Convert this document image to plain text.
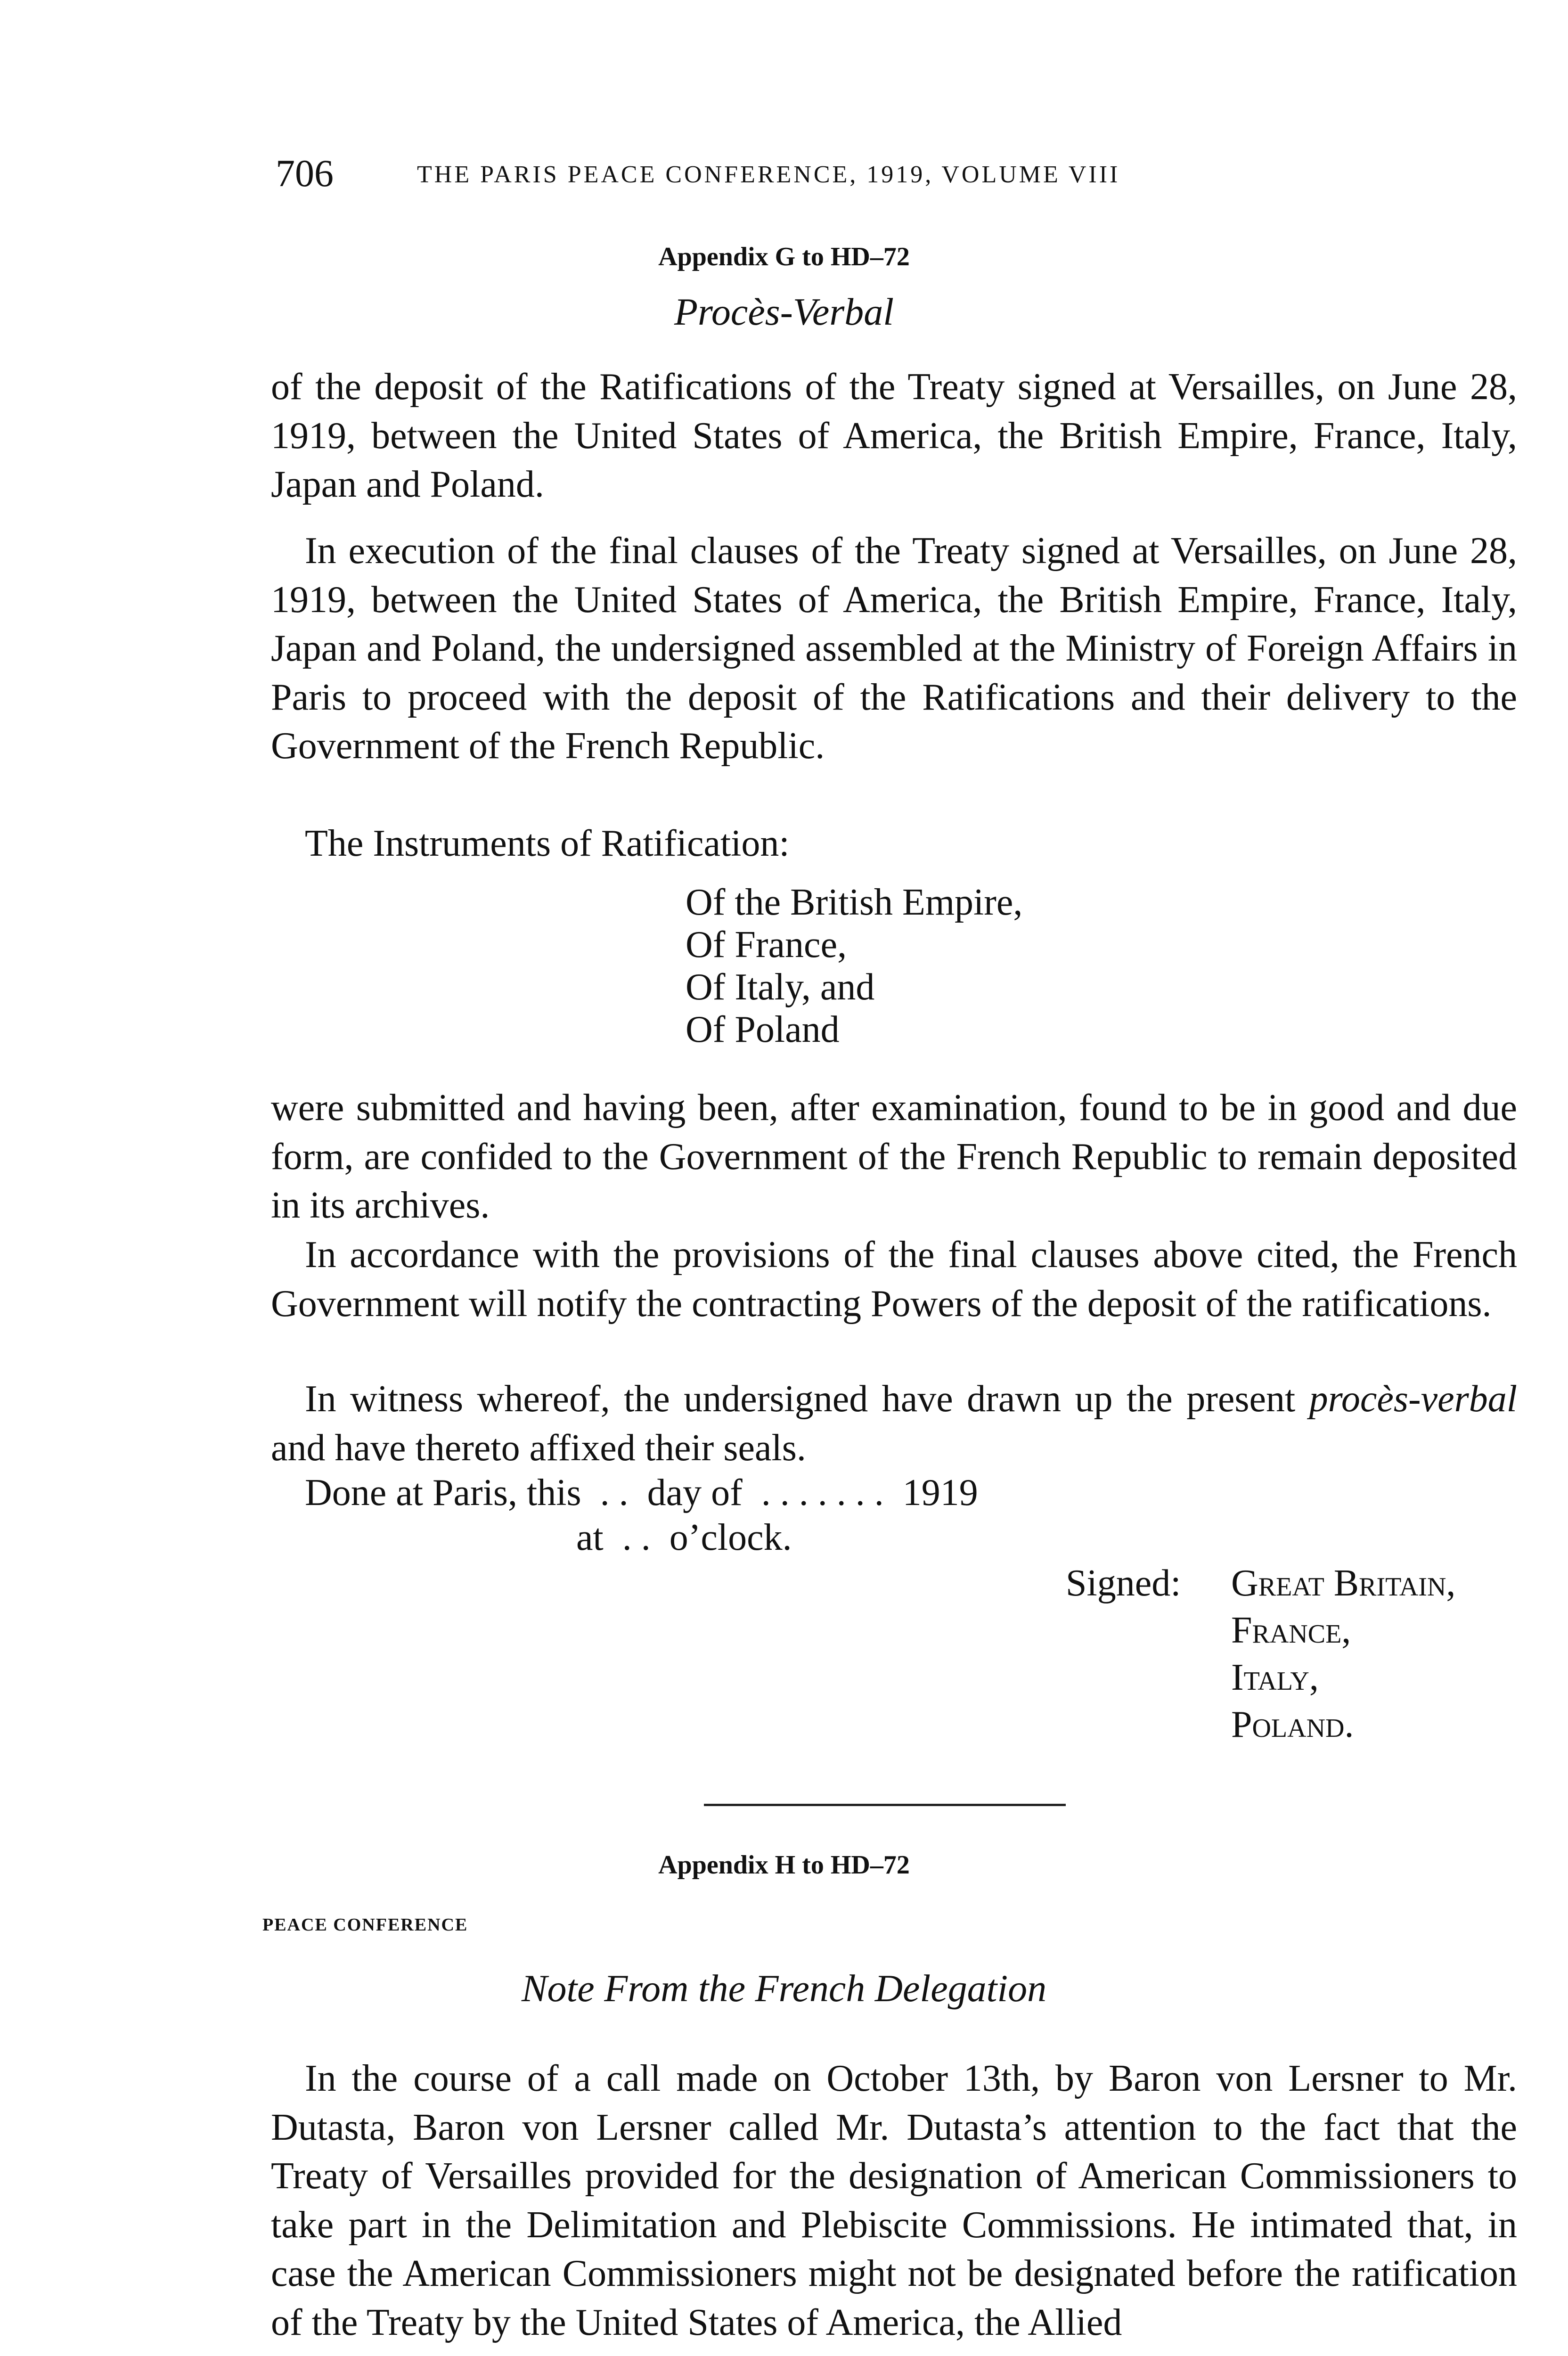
706	THE PARIS PEACE CONFERENCE, 1919, VOLUME VIII
Appendix G to HD–72
Procès-Verbal

of the deposit of the Ratifications of the Treaty signed at Versailles, on June 28, 1919, between the United States of America, the British Empire, France, Italy, Japan and Poland.

In execution of the final clauses of the Treaty signed at Versailles, on June 28, 1919, between the United States of America, the British Empire, France, Italy, Japan and Poland, the undersigned assembled at the Ministry of Foreign Affairs in Paris to proceed with the deposit of the Ratifications and their delivery to the Government of the French Republic.

The Instruments of Ratification:
Of the British Empire,
Of France,
Of Italy, and
Of Poland

were submitted and having been, after examination, found to be in good and due form, are confided to the Government of the French Republic to remain deposited in its archives.

In accordance with the provisions of the final clauses above cited, the French Government will notify the contracting Powers of the deposit of the ratifications.

In witness whereof, the undersigned have drawn up the present procès-verbal and have thereto affixed their seals.

Done at Paris, this  . .  day of  . . . . . . .  1919
at  . .  o’clock.
Signed: Great Britain,
France,
Italy,
Poland.
Appendix H to HD–72
PEACE CONFERENCE
Note From the French Delegation

In the course of a call made on October 13th, by Baron von Lersner to Mr. Dutasta, Baron von Lersner called Mr. Dutasta’s attention to the fact that the Treaty of Versailles provided for the designation of American Commissioners to take part in the Delimitation and Plebiscite Commissions. He intimated that, in case the American Commissioners might not be designated before the ratification of the Treaty by the United States of America, the Allied
